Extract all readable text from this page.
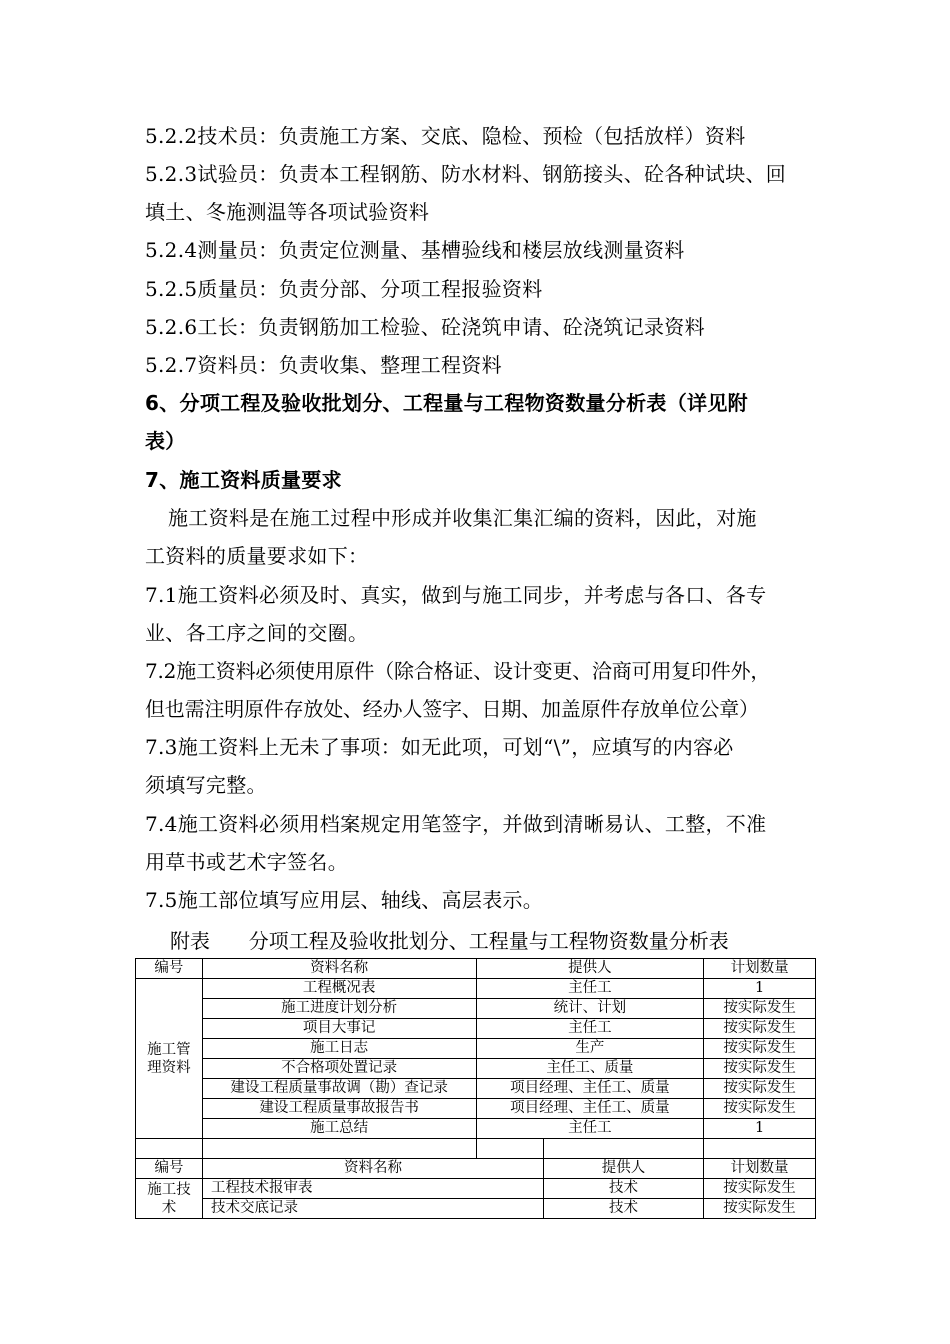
5.2.2技术员：负责施工方案、交底、隐检、预检（包括放样）资料
5.2.3试验员：负责本工程钢筋、防水材料、钢筋接头、砼各种试块、回
填土、冬施测温等各项试验资料
5.2.4测量员：负责定位测量、基槽验线和楼层放线测量资料
5.2.5质量员：负责分部、分项工程报验资料
5.2.6工长：负责钢筋加工检验、砼浇筑申请、砼浇筑记录资料
5.2.7资料员：负责收集、整理工程资料
6、分项工程及验收批划分、工程量与工程物资数量分析表（详见附
表）
7、施工资料质量要求
施工资料是在施工过程中形成并收集汇集汇编的资料，因此，对施
工资料的质量要求如下：
7.1施工资料必须及时、真实，做到与施工同步，并考虑与各口、各专
业、各工序之间的交圈。
7.2施工资料必须使用原件（除合格证、设计变更、洽商可用复印件外，
但也需注明原件存放处、经办人签字、日期、加盖原件存放单位公章）
7.3施工资料上无未了事项：如无此项，可划“\”，应填写的内容必
须填写完整。
7.4施工资料必须用档案规定用笔签字，并做到清晰易认、工整，不准
用草书或艺术字签名。
7.5施工部位填写应用层、轴线、高层表示。
附表 分项工程及验收批划分、工程量与工程物资数量分析表
编号	资料名称	提供人		计划数量
施工管理资料	工程概况表	主任工		1
	施工进度计划分析	统计、计划		按实际发生
	项目大事记	主任工		按实际发生
	施工日志	生产		按实际发生
	不合格项处置记录	主任工、质量		按实际发生
	建设工程质量事故调（勘）查记录	项目经理、主任工、质量		按实际发生
	建设工程质量事故报告书	项目经理、主任工、质量		按实际发生
	施工总结	主任工		1

编号	资料名称	提供人	计划数量
施工技术	工程技术报审表	技术	按实际发生
	技术交底记录	技术	按实际发生
